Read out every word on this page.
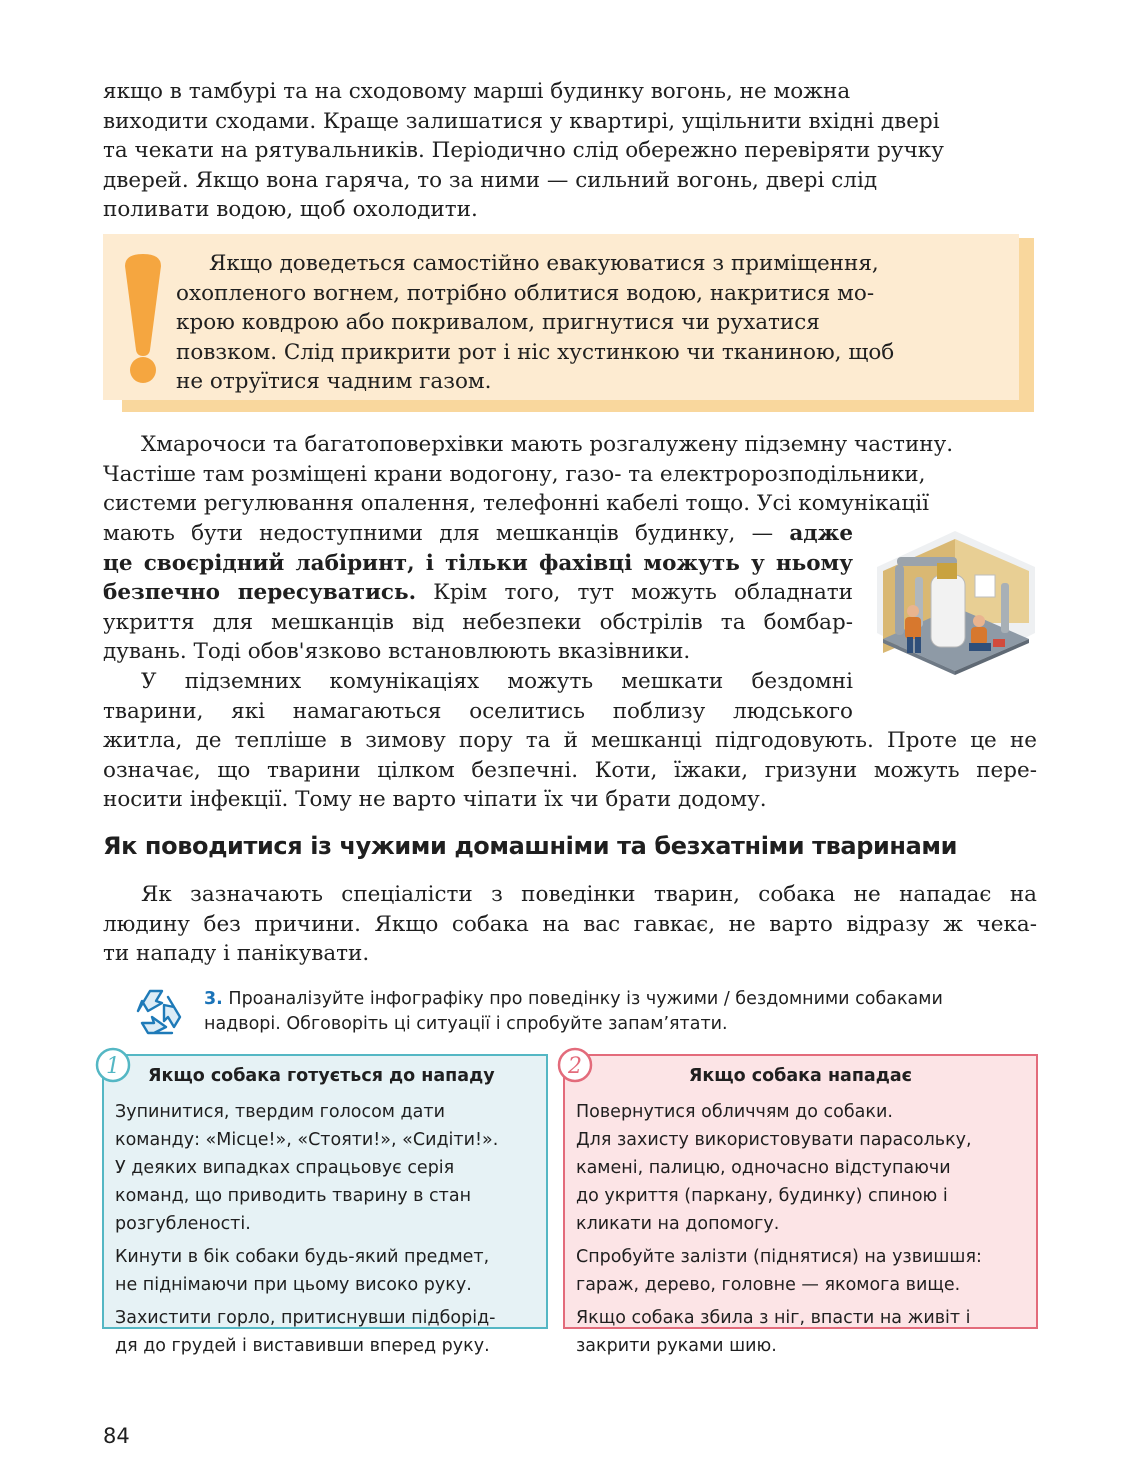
якщо в тамбурі та на сходовому марші будинку вогонь, не можна
виходити сходами. Краще залишатися у квартирі, ущільнити вхідні двері
та чекати на рятувальників. Періодично слід обережно перевіряти ручку
дверей. Якщо вона гаряча, то за ними — сильний вогонь, двері слід
поливати водою, щоб охолодити.
Якщо доведеться самостійно евакуюватися з приміщення,
охопленого вогнем, потрібно облитися водою, накритися мо-
крою ковдрою або покривалом, пригнутися чи рухатися
повзком. Слід прикрити рот і ніс хустинкою чи тканиною, щоб
не отруїтися чадним газом.
Хмарочоси та багатоповерхівки мають розгалужену підземну частину.
Частіше там розміщені крани водогону, газо- та електророзподільники,
системи регулювання опалення, телефонні кабелі тощо. Усі комунікації
мають бути недоступними для мешканців будинку, — адже
це своєрідний лабіринт, і тільки фахівці можуть у ньому
безпечно пересуватись. Крім того, тут можуть обладнати
укриття для мешканців від небезпеки обстрілів та бомбар-
дувань. Тоді обов'язково встановлюють вказівники.
У підземних комунікаціях можуть мешкати бездомні
тварини, які намагаються оселитись поблизу людського
житла, де тепліше в зимову пору та й мешканці підгодовують. Проте це не
означає, що тварини цілком безпечні. Коти, їжаки, гризуни можуть пере-
носити інфекції. Тому не варто чіпати їх чи брати додому.
Як поводитися із чужими домашніми та безхатніми тваринами
Як зазначають спеціалісти з поведінки тварин, собака не нападає на
людину без причини. Якщо собака на вас гавкає, не варто відразу ж чека-
ти нападу і панікувати.
3. Проаналізуйте інфографіку про поведінку із чужими / бездомними собаками
надворі. Обговоріть ці ситуації і спробуйте запам’ятати.
Якщо собака готується до нападу

Зупинитися, твердим голосом дати
команду: «Місце!», «Стояти!», «Сидіти!».
У деяких випадках спрацьовує серія
команд, що приводить тварину в стан
розгубленості.

Кинути в бік собаки будь-який предмет,
не піднімаючи при цьому високо руку.

Захистити горло, притиснувши підборід-
дя до грудей і виставивши вперед руку.

1	Якщо собака нападає

Повернутися обличчям до собаки.
Для захисту використовувати парасольку,
камені, палицю, одночасно відступаючи
до укриття (паркану, будинку) спиною і
кликати на допомогу.

Спробуйте залізти (піднятися) на узвишшя:
гараж, дерево, головне — якомога вище.

Якщо собака збила з ніг, впасти на живіт і
закрити руками шию.

2
84
